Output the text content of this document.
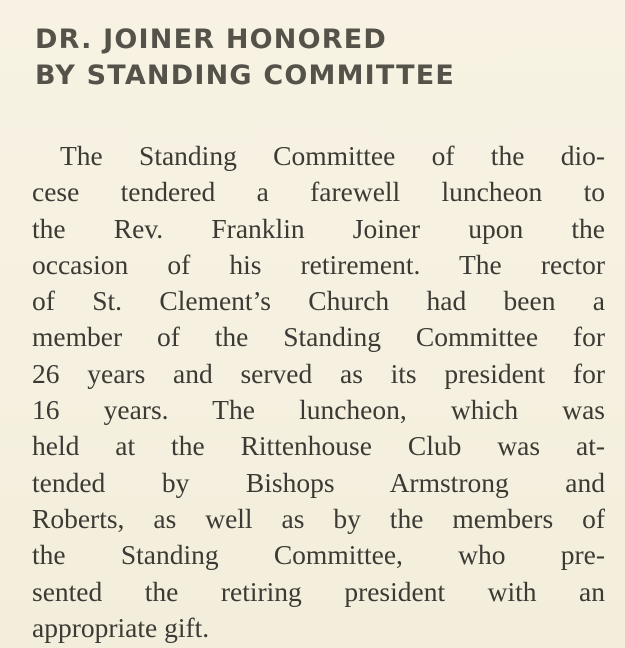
DR. JOINER HONORED
BY STANDING COMMITTEE
The Standing Committee of the dio-
cese tendered a farewell luncheon to
the Rev. Franklin Joiner upon the
occasion of his retirement. The rector
of St. Clement’s Church had been a
member of the Standing Committee for
26 years and served as its president for
16 years. The luncheon, which was
held at the Rittenhouse Club was at-
tended by Bishops Armstrong and
Roberts, as well as by the members of
the Standing Committee, who pre-
sented the retiring president with an
appropriate gift.
